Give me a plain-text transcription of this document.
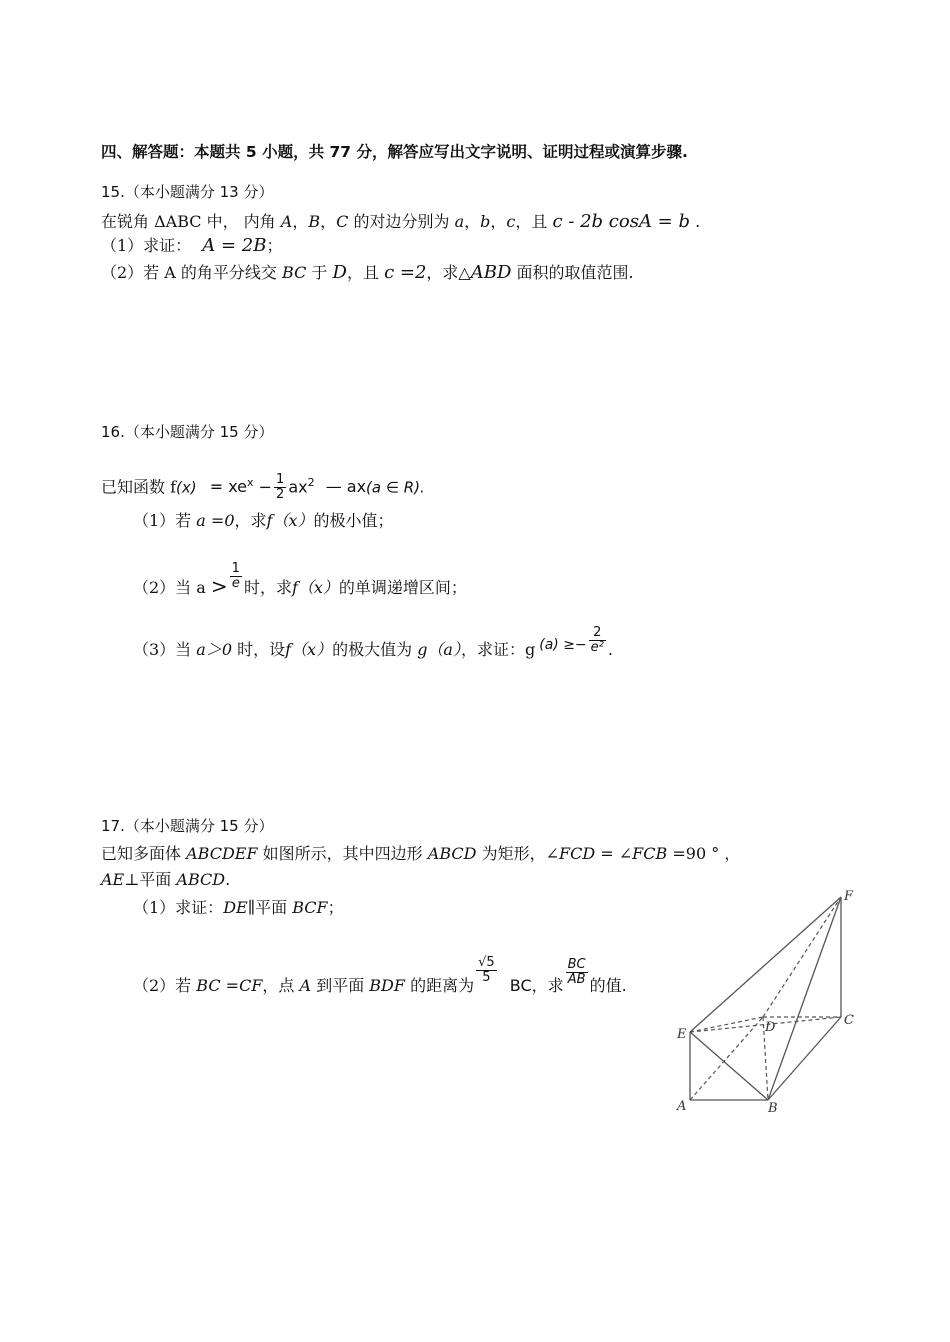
四、解答题：本题共 5 小题，共 77 分，解答应写出文字说明、证明过程或演算步骤.
15.（本小题满分 13 分）
在锐角 ΔABC 中， 内角 A，B，C 的对边分别为 a，b，c，且 c - 2b cosA = b .
（1）求证： A = 2B；
（2）若 A 的角平分线交 BC 于 D，且 c =2，求△ABD 面积的取值范围.
16.（本小题满分 15 分）
已知函数 $f(x) = xe^x - \frac{1}{2} ax^2$ — ax(a ∈ R).
（1）若 a =0，求f（x）的极小值；
（2）当 $a > \frac{1}{e}$ 时，求f（x）的单调递增区间；
（3）当 a＞0 时，设f（x）的极大值为 g（a），求证：g $(a) \ge- \frac{2}{\text{e²}}$ .
17.（本小题满分 15 分）
已知多面体 ABCDEF 如图所示，其中四边形 ABCD 为矩形，∠FCD = ∠FCB =90 ° ，
AE⊥平面 ABCD.
（1）求证：DE∥平面 BCF；
（2）若 BC =CF，点 A 到平面 BDF 的距离为
$\frac{√5}{5}$
BC，求 $\frac{BC}{AB}$ 的值.
A	B
C
D
E
F
